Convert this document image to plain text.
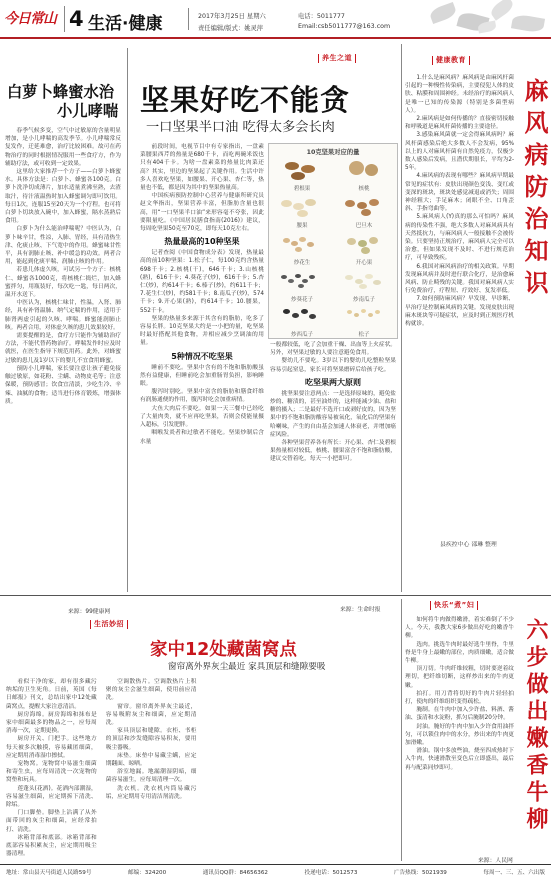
今日常山 4 生活·健康	2017年3月25日 星期六
责任编辑/版式：姚灵萍
电话：5011777
Email:csb5011777@163.com
养生之道
白萝卜蜂蜜水治
小儿哮喘

春季气候多变，空气中过敏原的含量明显增加，是小儿哮喘的高发季节。小儿哮喘常反复发作，迁延难愈，治疗比较困难。故可在药物治疗的同时根据情况服用一些食疗方，作为辅助疗法，或可收到一定效果。

这里给大家推荐一个方子——白萝卜蜂蜜水。具体方法是：白萝卜、蜂蜜各100克。白萝卜洗净切成薄片，加水适量煮沸至熟，去渣取汁，待汁液温热时加入蜂蜜调匀即可饮用。每日1次，连服15至20天为一个疗程。也可将白萝卜切块放入碗中，加入蜂蜜，隔水蒸熟后食用。

白萝卜为什么能治哮喘呢？中医认为，白萝卜味辛甘，性凉，入肺、胃经，具有清热生津、化痰止咳、下气宽中的作用。蜂蜜味甘性平，具有润肺止咳、补中缓急的功效。两者合用，能起到化痰平喘、润肺止咳的作用。

若患儿体虚久咳，可试另一个方子：核桃仁、蜂蜜各1000克，将核桃仁捣烂，加入蜂蜜拌匀，用瓶装好，每次吃一匙，每日两次，温开水送下。

中医认为，核桃仁味甘，性温，入肾、肺经，具有补肾温肺、纳气定喘的作用，适用于肺肾两虚引起的久咳、哮喘。蜂蜜能润肺止咳。两者合用，对体虚久咳的患儿效果较好。

需要提醒的是，食疗方只能作为辅助治疗方法，不能代替药物治疗。哮喘发作时应及时就医，在医生指导下规范用药。此外，对蜂蜜过敏的患儿及1岁以下的婴儿不宜食用蜂蜜。

预防小儿哮喘，家长要注意让孩子避免接触过敏原，如花粉、尘螨、动物皮毛等；注意保暖，预防感冒；饮食宜清淡，少吃生冷、辛辣、油腻的食物；适当进行体育锻炼，增强体质。

来源：99健康网
坚果好吃不能贪
一口坚果半口油 吃得太多会长肉

前段时间，电视节目中有专家指出，一盘素菜腰果西芹的热量是680千卡，而吃两碗米饭也只有404千卡。为啥一盘素菜的热量比肉菜还高？其实，里边的坚果起了关键作用。生活中许多人喜欢吃坚果，如腰果、开心果、杏仁等，热量也不低，都是因为其中的坚果热量高。

中国疾病预防控制中心营养与健康所研究员赵文华指出，坚果营养丰富，但脂肪含量也很高，用“一口坚果半口油”来形容毫不夸张，因此要限量吃。《中国居民膳食指南(2016)》建议，每周吃坚果50克至70克，即每天10克左右。

热量最高的10种坚果

记者查阅《中国食物成分表》发现，热量最高的前10种坚果：1.松子仁，每100克约含热量698千卡；2.核桃(干)，646千卡；3.山核桃(熟)，616千卡；4.葵花子(炒)，616千卡；5.杏仁(炒)，约614千卡；6.榛子(炒)，约611千卡；7.花生仁(炒)，约581千卡；8.南瓜子(炒)，574千卡；9.开心果(熟)，约614千卡；10.腰果，552千卡。

坚果的热量多来源于其含有的脂肪，吃多了容易长胖。10克坚果大约是一小把的量，吃坚果时最好搭配其他食物，并相应减少烹调油的用量。

5种情况不吃坚果

睡前不要吃。坚果中含有的不饱和脂肪酸虽然有益健康，但睡前吃会加重肠胃负担，影响睡眠。

腹泻时别吃。坚果中富含的脂肪和膳食纤维有润肠通便的作用，腹泻时吃会加重病情。

大鱼大肉后不要吃。如果一天三餐中已经吃了大量肉类，就不应再吃坚果，否则会使能量摄入超标，引发肥胖。

咽喉发炎者和过敏者不能吃。坚果炒制后含水量

10克坚果对应的量
碧根果	核桃
腰果	巴旦木
炒花生	开心果
炒葵花子	炒南瓜子
炒西瓜子	松子

一般都较低，吃了会加重干燥、出血等上火症状。另外，对坚果过敏的人要注意避免食用。

婴幼儿不要吃。3岁以下的婴幼儿吃整粒坚果容易引起窒息，家长可将坚果磨碎后给孩子吃。

吃坚果两大原则

挑坚果要注意两点：一是选择原味的，避免盐炒的、糖渍的，甚至油炸的，这样能减少油、盐和糖的摄入；二是最好不选开口或剥好皮的，因为坚果中的不饱和脂肪酸容易被氧化，氧化后的坚果有哈喇味，产生的自由基会加速人体衰老，并增加癌症风险。

各种坚果营养各有所长：开心果、杏仁及碧根果热量相对较低，核桃、腰果富含不饱和脂肪酸，建议交替着吃，每天一小把即可。

来源：生命时报
健康教育
麻风病防治知识

1.什么是麻风病？麻风病是由麻风杆菌引起的一种慢性传染病，主要侵犯人体的皮肤、粘膜和周围神经。未经治疗的麻风病人是唯一已知的传染源（特别是多菌型病人）。

2.麻风病是如何传播的？直接密切接触和呼吸道是麻风杆菌传播的主要途径。

3.感染麻风菌就一定会得麻风病吗？麻风杆菌感染后绝大多数人不会发病，95%以上的人对麻风杆菌有自然免疫力，仅极少数人感染后发病，且潜伏期很长，平均为2-5年。

4.麻风病的表现有哪些？麻风病早期最常见的症状有：皮肤出现颜色变浅、变红或变深的斑块，斑块处感觉减退或消失；周围神经粗大；手足麻木；闭眼不全、口角歪斜、手指弯曲等。

5.麻风病人(Y)真的那么可怕吗？麻风病的传染性不强，绝大多数人对麻风病具有天然抵抗力，与麻风病人一般接触不会被传染。只要坚持正规治疗，麻风病人完全可以治愈，但如果发现不及时、不进行规范治疗，可导致残疾。

6.我国对麻风病治疗的相关政策。早期发现麻风病并及时进行联合化疗，是治愈麻风病、防止畸残的关键。我国对麻风病人实行免费治疗，疗程短、疗效好、复发率低。

7.如何预防麻风病？早发现、早诊断、早治疗是控制麻风病的关键。发现皮肤出现麻木斑块等可疑症状，应及时到正规医疗机构就诊。

县疾控中心 邵琳 整理
生活妙招
家中12处藏菌窝点
窗帘离外界灰尘最近 家具顶层和缝隙要吸

看似干净的家，却有很多藏污纳垢的卫生死角。日前，英国《每日邮报》刊文，总结出家中12处藏菌窝点，提醒大家注意清洁。

厨房海绵。厨房海绵和抹布是家中细菌最多的物品之一，应每周消毒一次，定期更换。

厨房开关、门把手。这些地方每天被多次触摸，容易藏匿细菌，应定期用消毒湿巾擦拭。

宠物窝。宠物窝中易滋生细菌和寄生虫，应每周清洗一次宠物的窝垫和玩具。

莲蓬头(花洒)。花洒内部潮湿，容易滋生细菌，应定期拆下清洗、除垢。

门口脚垫。脚垫上沾满了从外面带回的灰尘和细菌，应经常拍打、清洗。

冰箱背部和底部。冰箱背部和底部容易积累灰尘，应定期用吸尘器清理。

空调散热片。空调散热片上积聚的灰尘会滋生细菌，使用前应清洗。

窗帘。窗帘离外界灰尘最近，容易吸附灰尘和细菌，应定期清洗。

家具顶层和缝隙。衣柜、书柜的顶层和沙发缝隙容易积灰，要用吸尘器吸。

床垫。床垫中易藏尘螨，应定期翻面、晾晒。

浴室地漏。地漏潮湿阴暗，细菌容易滋生，应每周清理一次。

洗衣机。洗衣机内筒易藏污垢，应定期用专用清洁剂清洗。

快乐“煮”妇
六步做出嫩香牛柳

如何将牛肉做得嫩滑，着实难倒了不少人。今天，我教大家6步做出好吃的嫩香牛柳。

选肉。挑选牛肉时最好选牛里脊，牛里脊是牛身上最嫩的部位，肉质细嫩，适合做牛柳。

顶刀切。牛肉纤维较粗，切时要逆着纹理切，把纤维切断，这样炒出来的牛肉更嫩。

拍打。用刀背将切好的牛肉片轻轻拍打，使肉的纤维组织变得疏松。

腌制。在牛肉中加入少许盐、料酒、酱油、蛋清和水淀粉，抓匀后腌制20分钟。

封油。腌好的牛肉中加入少许食用油拌匀，可以锁住肉中的水分，炒出来的牛肉更加滑嫩。

滑油。锅中多放些油，烧至四成热时下入牛肉，快速滑散至变色后立即盛出，最后再与配菜同炒即可。

来源：人民网
地址：常山县天马街道人民路59号	邮编：324200	通讯员QQ群：84656362	投递电话：5012573	广告热线：5021939	每周一、三、五、六出版
